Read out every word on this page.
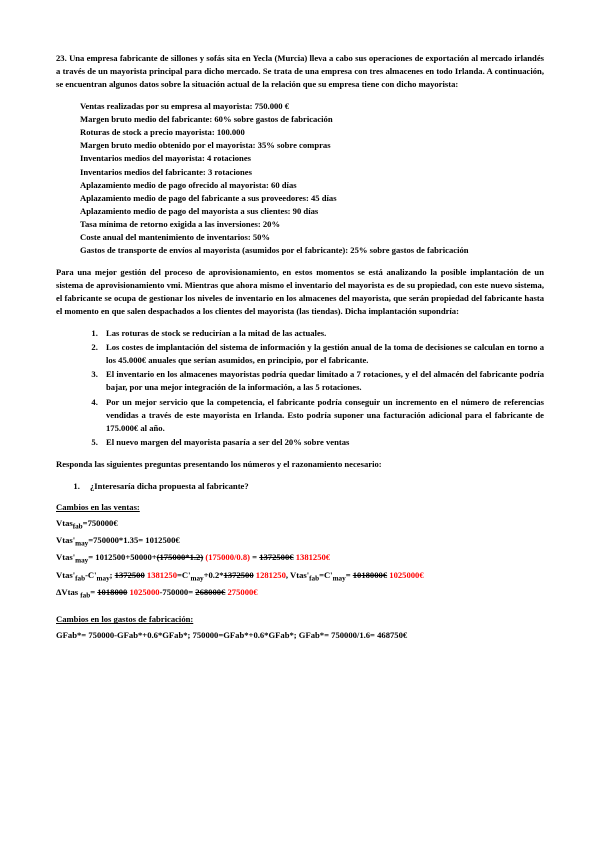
23. Una empresa fabricante de sillones y sofás sita en Yecla (Murcia) lleva a cabo sus operaciones de exportación al mercado irlandés a través de un mayorista principal para dicho mercado. Se trata de una empresa con tres almacenes en todo Irlanda. A continuación, se encuentran algunos datos sobre la situación actual de la relación que su empresa tiene con dicho mayorista:

Ventas realizadas por su empresa al mayorista: 750.000 €
Margen bruto medio del fabricante: 60% sobre gastos de fabricación
Roturas de stock a precio mayorista: 100.000
Margen bruto medio obtenido por el mayorista: 35% sobre compras
Inventarios medios del mayorista: 4 rotaciones
Inventarios medios del fabricante: 3 rotaciones
Aplazamiento medio de pago ofrecido al mayorista: 60 días
Aplazamiento medio de pago del fabricante a sus proveedores: 45 días
Aplazamiento medio de pago del mayorista a sus clientes: 90 días
Tasa mínima de retorno exigida a las inversiones: 20%
Coste anual del mantenimiento de inventarios: 50%
Gastos de transporte de envíos al mayorista (asumidos por el fabricante): 25% sobre gastos de fabricación

Para una mejor gestión del proceso de aprovisionamiento, en estos momentos se está analizando la posible implantación de un sistema de aprovisionamiento vmi. Mientras que ahora mismo el inventario del mayorista es de su propiedad, con este nuevo sistema, el fabricante se ocupa de gestionar los niveles de inventario en los almacenes del mayorista, que serán propiedad del fabricante hasta el momento en que salen despachados a los clientes del mayorista (las tiendas). Dicha implantación supondría:

1. Las roturas de stock se reducirían a la mitad de las actuales.
2. Los costes de implantación del sistema de información y la gestión anual de la toma de decisiones se calculan en torno a los 45.000€ anuales que serían asumidos, en principio, por el fabricante.
3. El inventario en los almacenes mayoristas podría quedar limitado a 7 rotaciones, y el del almacén del fabricante podría bajar, por una mejor integración de la información, a las 5 rotaciones.
4. Por un mejor servicio que la competencia, el fabricante podría conseguir un incremento en el número de referencias vendidas a través de este mayorista en Irlanda. Esto podría suponer una facturación adicional para el fabricante de 175.000€ al año.
5. El nuevo margen del mayorista pasaría a ser del 20% sobre ventas

Responda las siguientes preguntas presentando los números y el razonamiento necesario:

1. ¿Interesaría dicha propuesta al fabricante?
Cambios en las ventas:
Vtas$_{fab}$=750000€
$Vtas'_{may}=750000*1.35=$ 1012500€
$Vtas'_{may}= 1012500+50000+(175000*1.2) (175000/0.8)$ = 1372500€ 1381250€
$Vtas'_{fab}-C'_{may}$; 1372500 $1381250=C'_{may}+0.2*1372500$ 1281250, $Vtas'_{fab}=C'_{may}=$ 1018000€ 1025000€
ΔVtas $_{fab}$= 1018000 1025000-750000= 268000€ 275000€
Cambios en los gastos de fabricación:
GFab*= 750000-GFab*+0.6*GFab*; 750000=GFab*+0.6*GFab*; GFab*= 750000/1.6= 468750€
